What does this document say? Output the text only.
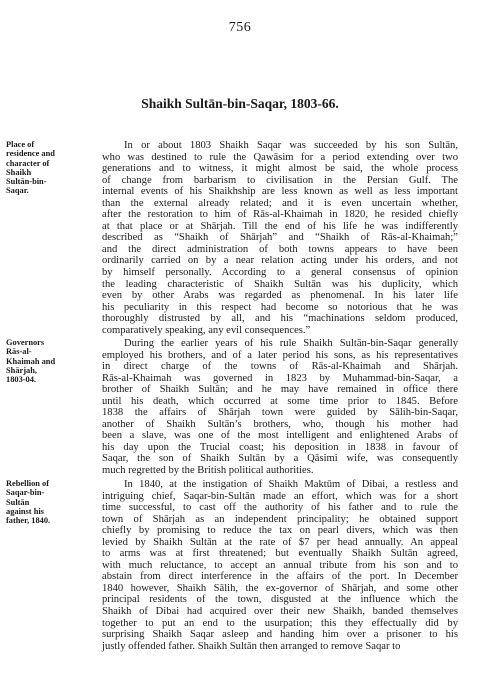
756
Shaikh Sultān-bin-Saqar, 1803-66.
Place of
residence and
character of
Shaikh
Sultān-bin-
Saqar.
In or about 1803 Shaikh Saqar was succeeded by his son Sultān,
who was destined to rule the Qawāsim for a period extending over two
generations and to witness, it might almost be said, the whole process
of change from barbarism to civilisation in the Persian Gulf. The
internal events of his Shaikhship are less known as well as less important
than the external already related; and it is even uncertain whether,
after the restoration to him of Rās-al-Khaimah in 1820, he resided chiefly
at that place or at Shārjah. Till the end of his life he was indifferently
described as “Shaikh of Shārjah” and “Shaikh of Rās-al-Khaimah;”
and the direct administration of both towns appears to have been
ordinarily carried on by a near relation acting under his orders, and not
by himself personally. According to a general consensus of opinion
the leading characteristic of Shaikh Sultān was his duplicity, which
even by other Arabs was regarded as phenomenal. In his later life
his peculiarity in this respect had become so notorious that he was
thoroughly distrusted by all, and his “machinations seldom produced,
comparatively speaking, any evil consequences.”
Governors
Rās-al-
Khaimah and
Shārjah,
1803-04.
During the earlier years of his rule Shaikh Sultān-bin-Saqar generally
employed his brothers, and of a later period his sons, as his representatives
in direct charge of the towns of Rās-al-Khaimah and Shārjah.
Rās-al-Khaimah was governed in 1823 by Muhammad-bin-Saqar, a
brother of Shaikh Sultān; and he may have remained in office there
until his death, which occurred at some time prior to 1845. Before
1838 the affairs of Shārjah town were guided by Sālih-bin-Saqar,
another of Shaikh Sultān’s brothers, who, though his mother had
been a slave, was one of the most intelligent and enlightened Arabs of
his day upon the Trucial coast; his deposition in 1838 in favour of
Saqar, the son of Shaikh Sultān by a Qāsimi wife, was consequently
much regretted by the British political authorities.
Rebellion of
Saqar-bin-
Sultān
against his
father, 1840.
In 1840, at the instigation of Shaikh Maktūm of Dibai, a restless and
intriguing chief, Saqar-bin-Sultān made an effort, which was for a short
time successful, to cast off the authority of his father and to rule the
town of Shārjah as an independent principality; he obtained support
chiefly by promising to reduce the tax on pearl divers, which was then
levied by Shaikh Sultān at the rate of $7 per head annually. An appeal
to arms was at first threatened; but eventually Shaikh Sultān agreed,
with much reluctance, to accept an annual tribute from his son and to
abstain from direct interference in the affairs of the port. In December
1840 however, Shaikh Sālih, the ex-governor of Shārjah, and some other
principal residents of the town, disgusted at the influence which the
Shaikh of Dibai had acquired over their new Shaikh, banded themselves
together to put an end to the usurpation; this they effectually did by
surprising Shaikh Saqar asleep and handing him over a prisoner to his
justly offended father. Shaikh Sultān then arranged to remove Saqar to
